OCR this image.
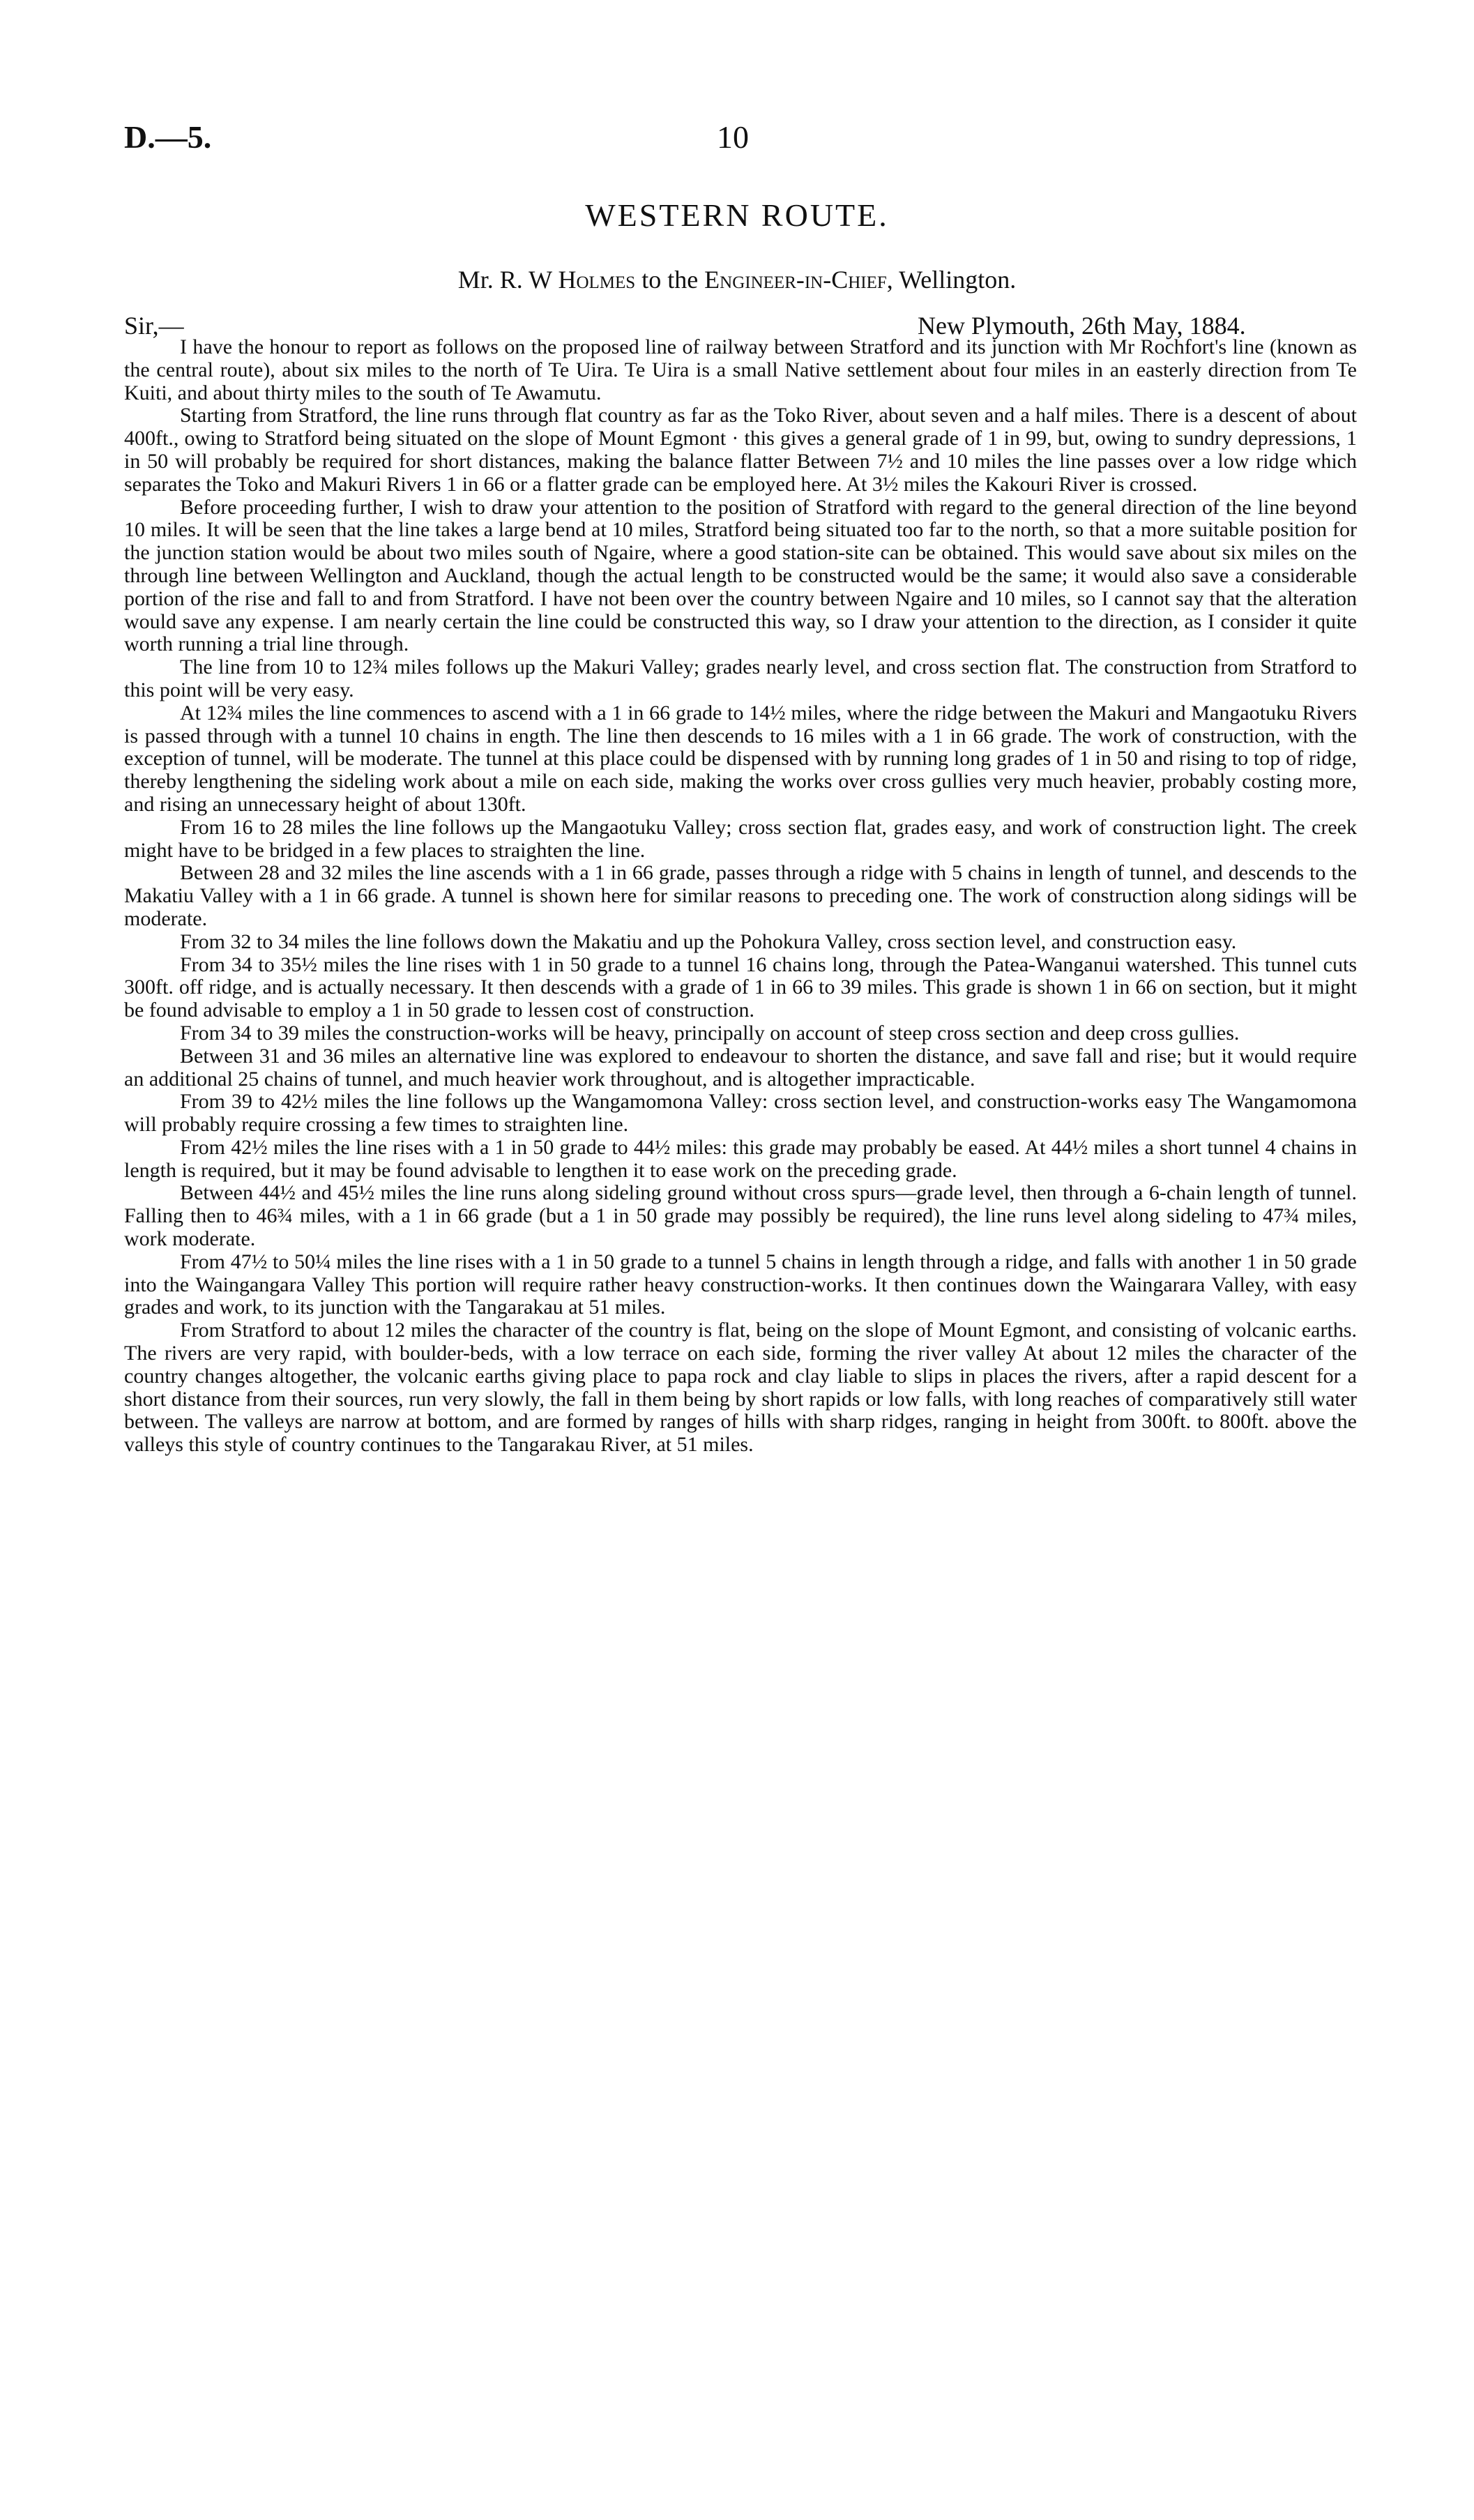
D.—5.	10
WESTERN ROUTE.
Mr. R. W Holmes to the Engineer-in-Chief, Wellington.
Sir,—	New Plymouth, 26th May, 1884.

I have the honour to report as follows on the proposed line of railway between Stratford and its junction with Mr Rochfort's line (known as the central route), about six miles to the north of Te Uira. Te Uira is a small Native settlement about four miles in an easterly direction from Te Kuiti, and about thirty miles to the south of Te Awamutu.

Starting from Stratford, the line runs through flat country as far as the Toko River, about seven and a half miles. There is a descent of about 400ft., owing to Stratford being situated on the slope of Mount Egmont · this gives a general grade of 1 in 99, but, owing to sundry depressions, 1 in 50 will probably be required for short distances, making the balance flatter Between 7½ and 10 miles the line passes over a low ridge which separates the Toko and Makuri Rivers 1 in 66 or a flatter grade can be employed here. At 3½ miles the Kakouri River is crossed.

Before proceeding further, I wish to draw your attention to the position of Stratford with regard to the general direction of the line beyond 10 miles. It will be seen that the line takes a large bend at 10 miles, Stratford being situated too far to the north, so that a more suitable position for the junction station would be about two miles south of Ngaire, where a good station-site can be obtained. This would save about six miles on the through line between Wellington and Auckland, though the actual length to be constructed would be the same; it would also save a considerable portion of the rise and fall to and from Stratford. I have not been over the country between Ngaire and 10 miles, so I cannot say that the alteration would save any expense. I am nearly certain the line could be constructed this way, so I draw your attention to the direction, as I consider it quite worth running a trial line through.

The line from 10 to 12¾ miles follows up the Makuri Valley; grades nearly level, and cross section flat. The construction from Stratford to this point will be very easy.

At 12¾ miles the line commences to ascend with a 1 in 66 grade to 14½ miles, where the ridge between the Makuri and Mangaotuku Rivers is passed through with a tunnel 10 chains in ength. The line then descends to 16 miles with a 1 in 66 grade. The work of construction, with the exception of tunnel, will be moderate. The tunnel at this place could be dispensed with by running long grades of 1 in 50 and rising to top of ridge, thereby lengthening the sideling work about a mile on each side, making the works over cross gullies very much heavier, probably costing more, and rising an unnecessary height of about 130ft.

From 16 to 28 miles the line follows up the Mangaotuku Valley; cross section flat, grades easy, and work of construction light. The creek might have to be bridged in a few places to straighten the line.

Between 28 and 32 miles the line ascends with a 1 in 66 grade, passes through a ridge with 5 chains in length of tunnel, and descends to the Makatiu Valley with a 1 in 66 grade. A tunnel is shown here for similar reasons to preceding one. The work of construction along sidings will be moderate.

From 32 to 34 miles the line follows down the Makatiu and up the Pohokura Valley, cross section level, and construction easy.

From 34 to 35½ miles the line rises with 1 in 50 grade to a tunnel 16 chains long, through the Patea-Wanganui watershed. This tunnel cuts 300ft. off ridge, and is actually necessary. It then descends with a grade of 1 in 66 to 39 miles. This grade is shown 1 in 66 on section, but it might be found advisable to employ a 1 in 50 grade to lessen cost of construction.

From 34 to 39 miles the construction-works will be heavy, principally on account of steep cross section and deep cross gullies.

Between 31 and 36 miles an alternative line was explored to endeavour to shorten the distance, and save fall and rise; but it would require an additional 25 chains of tunnel, and much heavier work throughout, and is altogether impracticable.

From 39 to 42½ miles the line follows up the Wangamomona Valley: cross section level, and construction-works easy The Wangamomona will probably require crossing a few times to straighten line.

From 42½ miles the line rises with a 1 in 50 grade to 44½ miles: this grade may probably be eased. At 44½ miles a short tunnel 4 chains in length is required, but it may be found advisable to lengthen it to ease work on the preceding grade.

Between 44½ and 45½ miles the line runs along sideling ground without cross spurs—grade level, then through a 6-chain length of tunnel. Falling then to 46¾ miles, with a 1 in 66 grade (but a 1 in 50 grade may possibly be required), the line runs level along sideling to 47¾ miles, work moderate.

From 47½ to 50¼ miles the line rises with a 1 in 50 grade to a tunnel 5 chains in length through a ridge, and falls with another 1 in 50 grade into the Waingangara Valley This portion will require rather heavy construction-works. It then continues down the Waingarara Valley, with easy grades and work, to its junction with the Tangarakau at 51 miles.

From Stratford to about 12 miles the character of the country is flat, being on the slope of Mount Egmont, and consisting of volcanic earths. The rivers are very rapid, with boulder-beds, with a low terrace on each side, forming the river valley At about 12 miles the character of the country changes altogether, the volcanic earths giving place to papa rock and clay liable to slips in places the rivers, after a rapid descent for a short distance from their sources, run very slowly, the fall in them being by short rapids or low falls, with long reaches of comparatively still water between. The valleys are narrow at bottom, and are formed by ranges of hills with sharp ridges, ranging in height from 300ft. to 800ft. above the valleys this style of country continues to the Tangarakau River, at 51 miles.
